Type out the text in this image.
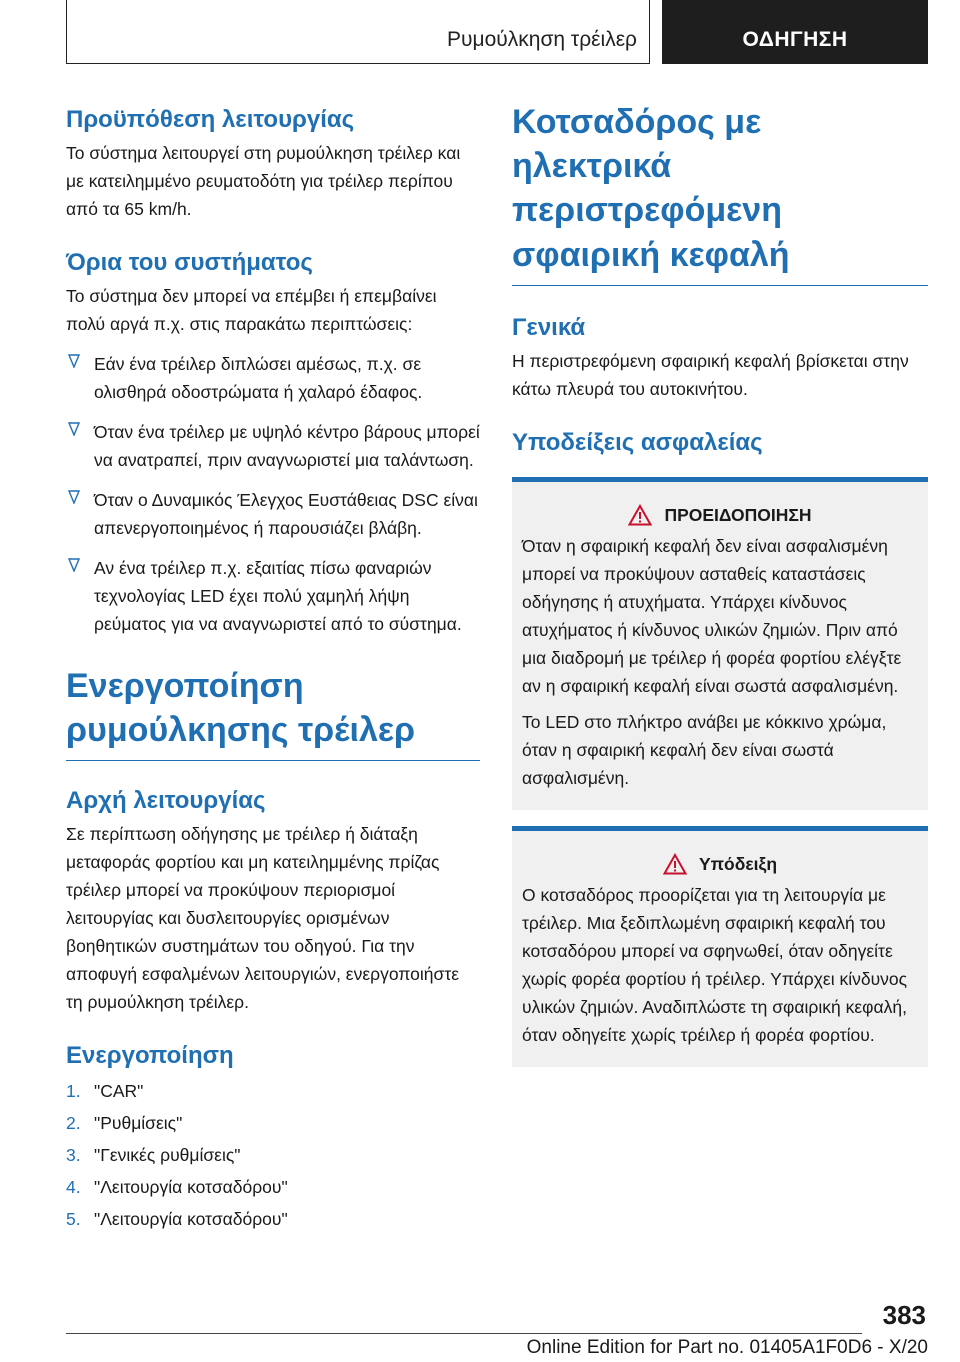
Ρυμούλκηση τρέιλερ	ΟΔΗΓΗΣΗ
Προϋπόθεση λειτουργίας

Το σύστημα λειτουργεί στη ρυμούλκηση τρέιλερ και με κατειλημμένο ρευματοδότη για τρέιλερ περίπου από τα 65 km/h.

Όρια του συστήματος

Το σύστημα δεν μπορεί να επέμβει ή επεμβαίνει πολύ αργά π.χ. στις παρακάτω περιπτώσεις:

Εάν ένα τρέιλερ διπλώσει αμέσως, π.χ. σε ολισθηρά οδοστρώματα ή χαλαρό έδαφος.
Όταν ένα τρέιλερ με υψηλό κέντρο βάρους μπορεί να ανατραπεί, πριν αναγνωριστεί μια ταλάντωση.
Όταν ο Δυναμικός Έλεγχος Ευστάθειας DSC είναι απενεργοποιημένος ή παρουσιάζει βλάβη.
Αν ένα τρέιλερ π.χ. εξαιτίας πίσω φαναριών τεχνολογίας LED έχει πολύ χαμηλή λήψη ρεύματος για να αναγνωριστεί από το σύστημα.
Ενεργοποίηση ρυμούλκησης τρέιλερ
Αρχή λειτουργίας

Σε περίπτωση οδήγησης με τρέιλερ ή διάταξη μεταφοράς φορτίου και μη κατειλημμένης πρίζας τρέιλερ μπορεί να προκύψουν περιορισμοί λειτουργίας και δυσλειτουργίες ορισμένων βοηθητικών συστημάτων του οδηγού. Για την αποφυγή εσφαλμένων λειτουργιών, ενεργοποιήστε τη ρυμούλκηση τρέιλερ.

Ενεργοποίηση
1. "CAR"
2. "Ρυθμίσεις"
3. "Γενικές ρυθμίσεις"
4. "Λειτουργία κοτσαδόρου"
5. "Λειτουργία κοτσαδόρου"
Κοτσαδόρος με ηλεκτρικά περιστρεφόμενη σφαιρική κεφαλή
Γενικά

Η περιστρεφόμενη σφαιρική κεφαλή βρίσκεται στην κάτω πλευρά του αυτοκινήτου.

Υποδείξεις ασφαλείας
ΠΡΟΕΙΔΟΠΟΙΗΣΗ

Όταν η σφαιρική κεφαλή δεν είναι ασφαλισμένη μπορεί να προκύψουν ασταθείς καταστάσεις οδήγησης ή ατυχήματα. Υπάρχει κίνδυνος ατυχήματος ή κίνδυνος υλικών ζημιών. Πριν από μια διαδρομή με τρέιλερ ή φορέα φορτίου ελέγξτε αν η σφαιρική κεφαλή είναι σωστά ασφαλισμένη.

Το LED στο πλήκτρο ανάβει με κόκκινο χρώμα, όταν η σφαιρική κεφαλή δεν είναι σωστά ασφαλισμένη.

Υπόδειξη

Ο κοτσαδόρος προορίζεται για τη λειτουργία με τρέιλερ. Μια ξεδιπλωμένη σφαιρική κεφαλή του κοτσαδόρου μπορεί να σφηνωθεί, όταν οδηγείτε χωρίς φορέα φορτίου ή τρέιλερ. Υπάρχει κίνδυνος υλικών ζημιών. Αναδιπλώστε τη σφαιρική κεφαλή, όταν οδηγείτε χωρίς τρέιλερ ή φορέα φορτίου.

383
Online Edition for Part no. 01405A1F0D6 - X/20
